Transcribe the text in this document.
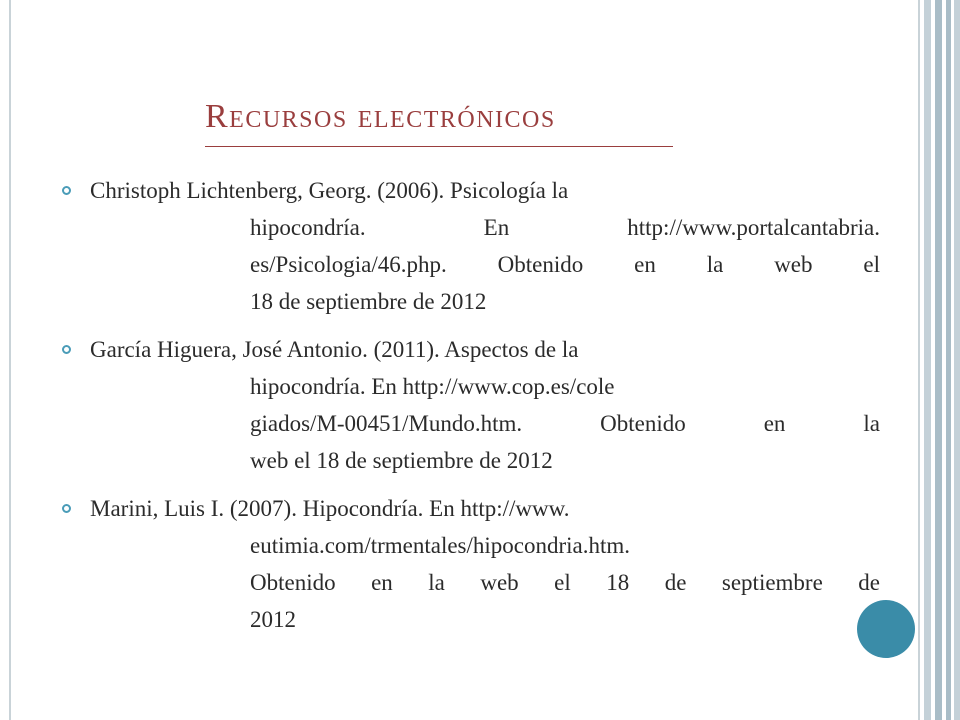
Recursos electrónicos
Christoph Lichtenberg, Georg. (2006). Psicología la
hipocondría. En http://www.portalcantabria.
es/Psicologia/46.php. Obtenido en la web el
18 de septiembre de 2012
García Higuera, José Antonio. (2011). Aspectos de la
hipocondría. En http://www.cop.es/cole
giados/M-00451/Mundo.htm. Obtenido en la
web el 18 de septiembre de 2012
Marini, Luis I. (2007). Hipocondría. En http://www.
eutimia.com/trmentales/hipocondria.htm.
Obtenido en la web el 18 de septiembre de
2012
